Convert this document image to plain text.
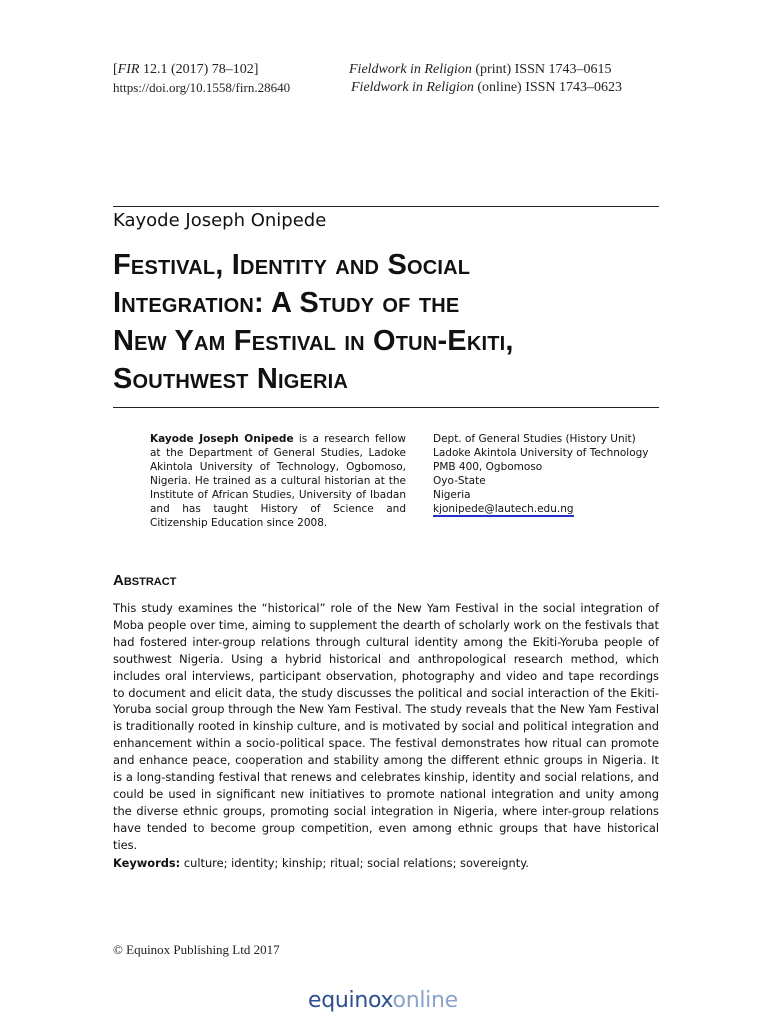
[FIR 12.1 (2017) 78–102]
https://doi.org/10.1558/firn.28640
Fieldwork in Religion (print) ISSN 1743–0615
Fieldwork in Religion (online) ISSN 1743–0623
Kayode Joseph Onipede
Festival, Identity and Social
Integration: A Study of the
New Yam Festival in Otun-Ekiti,
Southwest Nigeria
Kayode Joseph Onipede is a research fellow at the Department of General Studies, Ladoke Akintola University of Technology, Ogbomoso, Nigeria. He trained as a cultural historian at the Institute of African Studies, University of Ibadan and has taught History of Science and Citizenship Education since 2008.
Dept. of General Studies (History Unit)
Ladoke Akintola University of Technology
PMB 400, Ogbomoso
Oyo-State
Nigeria
kjonipede@lautech.edu.ng
Abstract
This study examines the “historical” role of the New Yam Festival in the social integration of Moba people over time, aiming to supplement the dearth of scholarly work on the festivals that had fostered inter-group relations through cultural identity among the Ekiti-Yoruba people of southwest Nigeria. Using a hybrid historical and anthropological research method, which includes oral interviews, participant observation, photography and video and tape recordings to document and elicit data, the study discusses the political and social interaction of the Ekiti-Yoruba social group through the New Yam Festival. The study reveals that the New Yam Festival is traditionally rooted in kinship culture, and is motivated by social and political integration and enhancement within a socio-political space. The festival demonstrates how ritual can promote and enhance peace, cooperation and stability among the different ethnic groups in Nigeria. It is a long-standing festival that renews and celebrates kinship, identity and social relations, and could be used in significant new initiatives to promote national integration and unity among the diverse ethnic groups, promoting social integration in Nigeria, where inter-group relations have tended to become group competition, even among ethnic groups that have historical ties.
Keywords: culture; identity; kinship; ritual; social relations; sovereignty.
© Equinox Publishing Ltd 2017
equinoxonline
